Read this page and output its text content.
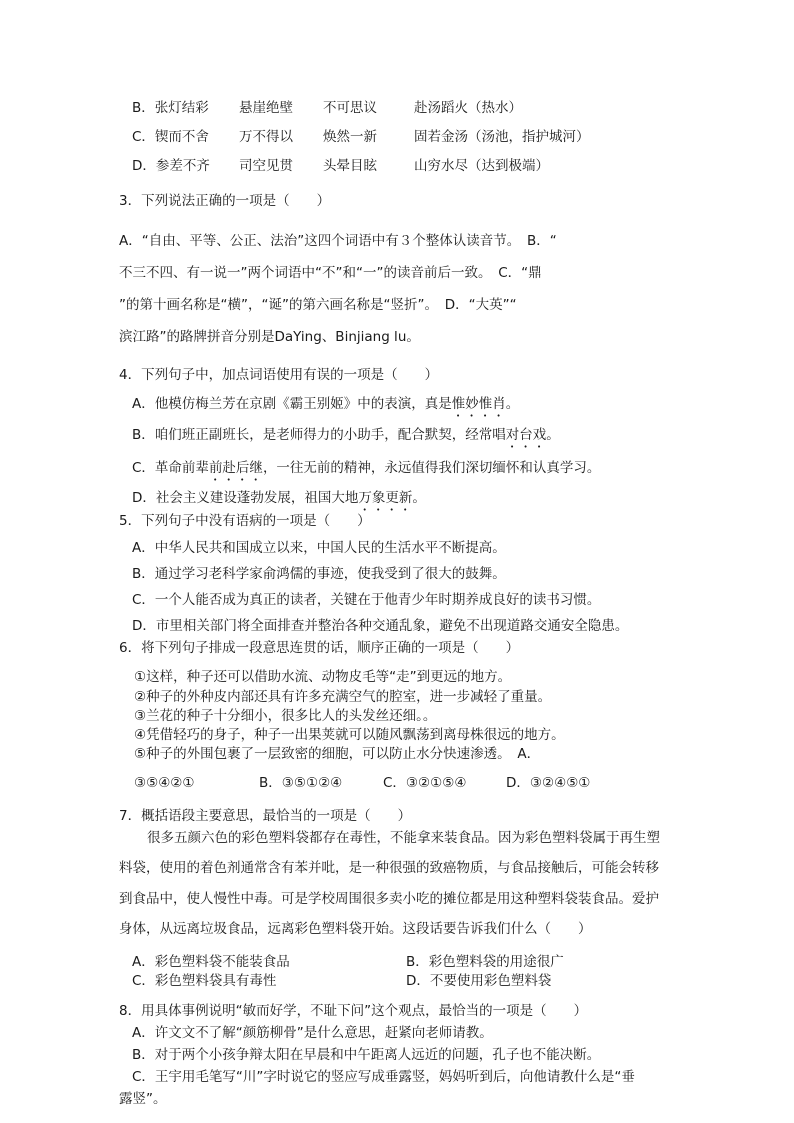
B．张灯结彩 悬崖绝壁 不可思议	赴汤蹈火（热水）
C．锲而不舍 万不得以 焕然一新	固若金汤（汤池，指护城河）
D．参差不齐 司空见贯 头晕目眩	山穷水尽（达到极端）
3．下列说法正确的一项是（　　）
A．“自由、平等、公正、法治”这四个词语中有３个整体认读音节。　B．“
不三不四、有一说一”两个词语中“不”和“一”的读音前后一致。　C．“鼎
”的第十画名称是“横”，“诞”的第六画名称是“竖折”。　D．“大英”“
滨江路”的路牌拼音分别是DaYing、Binjiang lu。
4．下列句子中，加点词语使用有误的一项是（　　）
A．他模仿梅兰芳在京剧《霸王别姬》中的表演，真是惟妙惟肖。
B．咱们班正副班长，是老师得力的小助手，配合默契，经常唱对台戏。
C．革命前辈前赴后继，一往无前的精神，永远值得我们深切缅怀和认真学习。
D．社会主义建设蓬勃发展，祖国大地万象更新。
5．下列句子中没有语病的一项是（　　）
A．中华人民共和国成立以来，中国人民的生活水平不断提高。
B．通过学习老科学家俞鸿儒的事迹，使我受到了很大的鼓舞。
C．一个人能否成为真正的读者，关键在于他青少年时期养成良好的读书习惯。
D．市里相关部门将全面排查并整治各种交通乱象，避免不出现道路交通安全隐患。
6．将下列句子排成一段意思连贯的话，顺序正确的一项是（　　）
①这样，种子还可以借助水流、动物皮毛等“走”到更远的地方。
②种子的外种皮内部还具有许多充满空气的腔室，进一步减轻了重量。
③兰花的种子十分细小，很多比人的头发丝还细。。
④凭借轻巧的身子，种子一出果荚就可以随风飘荡到离母株很远的地方。
⑤种子的外围包裹了一层致密的细胞，可以防止水分快速渗透。　A．
③⑤④②①	B．③⑤①②④	C．③②①⑤④	D．③②④⑤①
7．概括语段主要意思，最恰当的一项是（　　）
很多五颜六色的彩色塑料袋都存在毒性，不能拿来装食品。因为彩色塑料袋属于再生塑
料袋，使用的着色剂通常含有苯并吡，是一种很强的致癌物质，与食品接触后，可能会转移
到食品中，使人慢性中毒。可是学校周围很多卖小吃的摊位都是用这种塑料袋装食品。爱护
身体，从远离垃圾食品，远离彩色塑料袋开始。这段话要告诉我们什么（　　）
A．彩色塑料袋不能装食品	B．彩色塑料袋的用途很广
C．彩色塑料袋具有毒性	D．不要使用彩色塑料袋
8．用具体事例说明“敏而好学，不耻下问”这个观点，最恰当的一项是（　　）
A．许文文不了解“颜筋柳骨”是什么意思，赶紧向老师请教。
B．对于两个小孩争辩太阳在早晨和中午距离人远近的问题，孔子也不能决断。
C．王宇用毛笔写“川”字时说它的竖应写成垂露竖，妈妈听到后，向他请教什么是“垂
露竖”。
